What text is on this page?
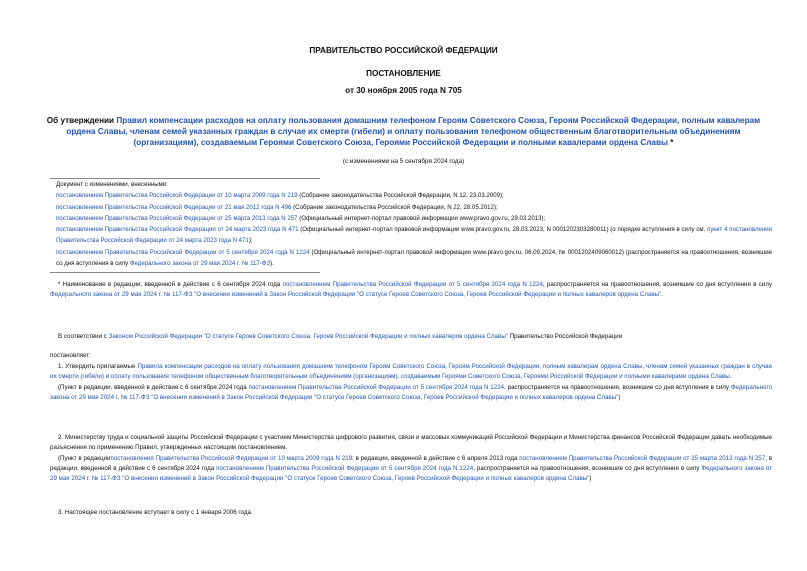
ПРАВИТЕЛЬСТВО РОССИЙСКОЙ ФЕДЕРАЦИИ
ПОСТАНОВЛЕНИЕ
от 30 ноября 2005 года N 705
Об утверждении Правил компенсации расходов на оплату пользования домашним телефоном Героям Советского Союза, Героям Российской Федерации, полным кавалерам ордена Славы, членам семей указанных граждан в случае их смерти (гибели) и оплату пользования телефоном общественным благотворительным объединениям (организациям), создаваемым Героями Советского Союза, Героями Российской Федерации и полными кавалерами ордена Славы *
(с изменениями на 5 сентября 2024 года)

Документ с изменениями, внесенными:

постановлением Правительства Российской Федерации от 10 марта 2009 года N 219 (Собрание законодательства Российской Федерации, N 12, 23.03.2009);

постановлением Правительства Российской Федерации от 21 мая 2012 года N 496 (Собрание законодательства Российской Федерации, N 22, 28.05.2012);

постановлением Правительства Российской Федерации от 25 марта 2013 года N 257 (Официальный интернет-портал правовой информации www.pravo.gov.ru, 29.03.2013);

постановлением Правительства Российской Федерации от 24 марта 2023 года N 471 (Официальный интернет-портал правовой информации www.pravo.gov.ru, 28.03.2023, N 0001202303280011) (о порядке вступления в силу см. пункт 4 постановления Правительства Российской Федерации от 24 марта 2023 года N 471);

постановлением Правительства Российской Федерации от 5 сентября 2024 года N 1224 (Официальный интернет-портал правовой информации www.pravo.gov.ru, 06.09.2024, № 0001202409060012) (распространяется на правоотношения, возникшие со дня вступления в силу Федерального закона от 29 мая 2024 г. № 117-ФЗ).

* Наименование в редакции, введенной в действие с 6 сентября 2024 года постановлением Правительства Российской Федерации от 5 сентября 2024 года N 1224, распространяется на правоотношения, возникшие со дня вступления в силу Федерального закона от 29 мая 2024 г. № 117-ФЗ "О внесении изменений в Закон Российской Федерации "О статусе Героев Советского Союза, Героев Российской Федерации и полных кавалеров ордена Славы".

В соответствии с Законом Российской Федерации "О статусе Героев Советского Союза, Героев Российской Федерации и полных кавалеров ордена Славы" Правительство Российской Федерации

постановляет:

1. Утвердить прилагаемые Правила компенсации расходов на оплату пользования домашним телефоном Героям Советского Союза, Героям Российской Федерации, полным кавалерам ордена Славы, членам семей указанных граждан в случае их смерти (гибели) и оплату пользования телефоном общественным благотворительным объединениям (организациям), создаваемым Героями Советского Союза, Героями Российской Федерации и полными кавалерами ордена Славы.

(Пункт в редакции, введенной в действие с 6 сентября 2024 года постановлением Правительства Российской Федерации от 5 сентября 2024 года N 1224, распространяется на правоотношения, возникшие со дня вступления в силу Федерального закона от 29 мая 2024 г. № 117-ФЗ "О внесении изменений в Закон Российской Федерации "О статусе Героев Советского Союза, Героев Российской Федерации и полных кавалеров ордена Славы")

2. Министерству труда и социальной защиты Российской Федерации с участием Министерства цифрового развития, связи и массовых коммуникаций Российской Федерации и Министерства финансов Российской Федерации давать необходимые разъяснения по применению Правил, утвержденных настоящим постановлением.

(Пункт в редакциипостановления Правительства Российской Федерации от 10 марта 2009 года N 219; в редакции, введенной в действие с 6 апреля 2013 года постановлением Правительства Российской Федерации от 25 марта 2013 года N 257; в редакции, введенной в действие с 6 сентября 2024 года постановлением Правительства Российской Федерации от 5 сентября 2024 года N 1224, распространяется на правоотношения, возникшие со дня вступления в силу Федерального закона от 29 мая 2024 г. № 117-ФЗ "О внесении изменений в Закон Российской Федерации "О статусе Героев Советского Союза, Героев Российской Федерации и полных кавалеров ордена Славы")

3. Настоящее постановление вступает в силу с 1 января 2006 года.
